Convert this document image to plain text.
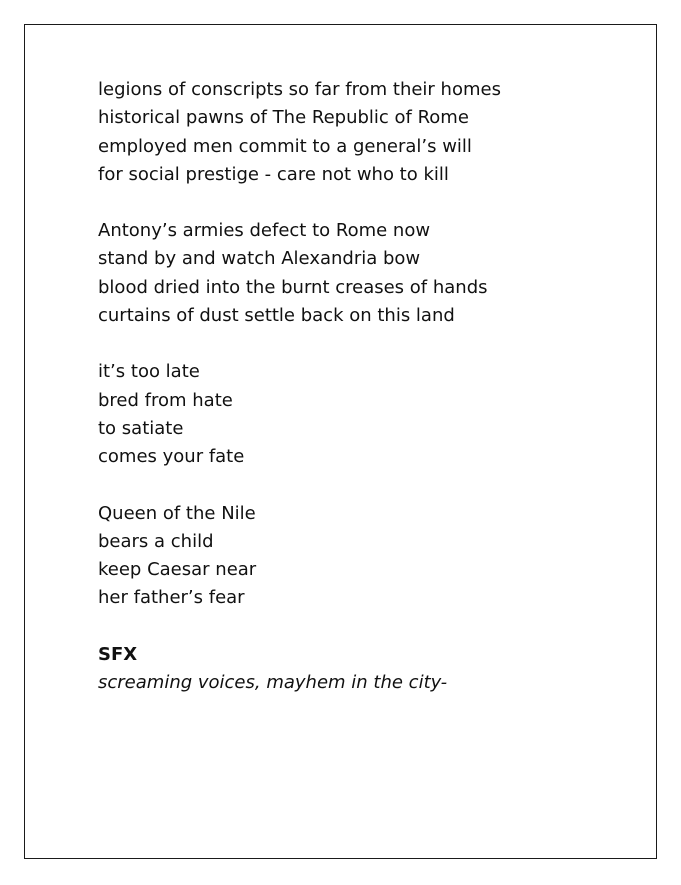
legions of conscripts so far from their homes
historical pawns of The Republic of Rome
employed men commit to a general’s will
for social prestige - care not who to kill
Antony’s armies defect to Rome now
stand by and watch Alexandria bow
blood dried into the burnt creases of hands
curtains of dust settle back on this land
it’s too late
bred from hate
to satiate
comes your fate
Queen of the Nile
bears a child
keep Caesar near
her father’s fear
SFX
screaming voices, mayhem in the city-
